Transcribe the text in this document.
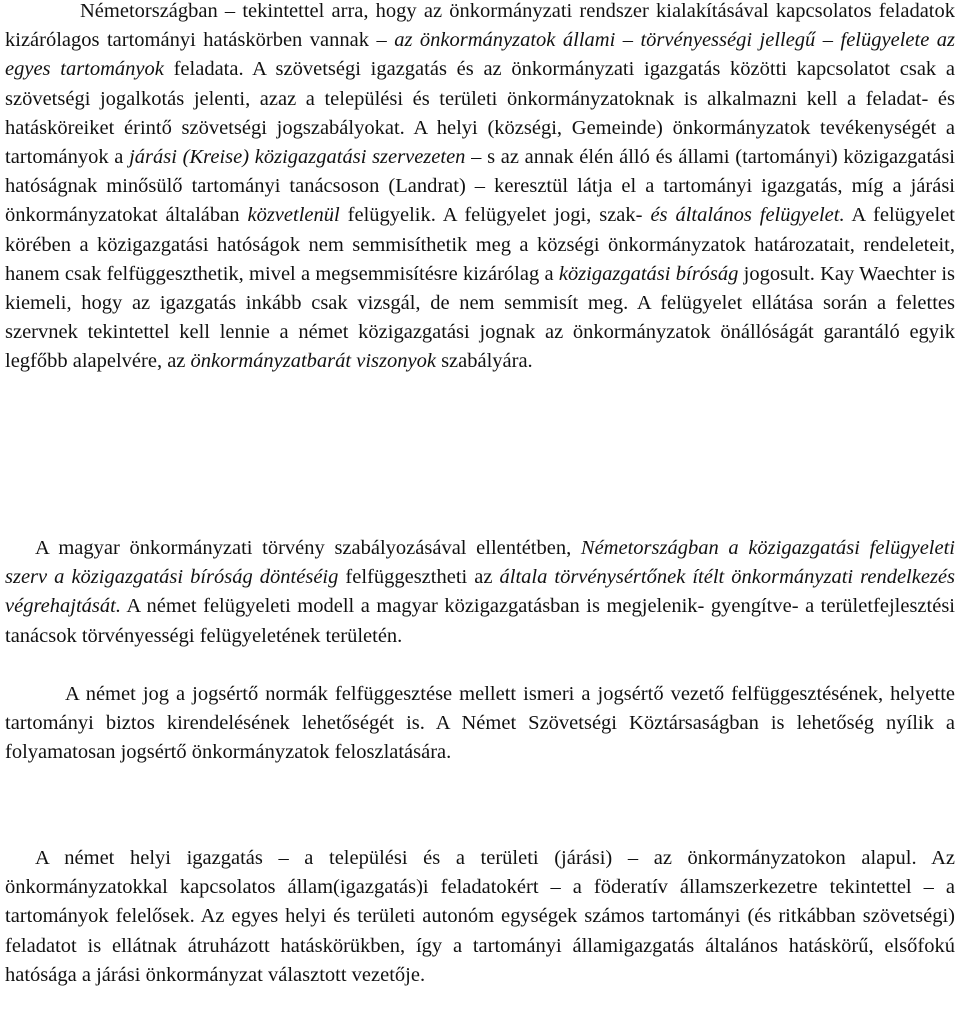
Németországban – tekintettel arra, hogy az önkormányzati rendszer kialakításával kapcsolatos feladatok kizárólagos tartományi hatáskörben vannak – az önkormányzatok állami – törvényességi jellegű – felügyelete az egyes tartományok feladata. A szövetségi igazgatás és az önkormányzati igazgatás közötti kapcsolatot csak a szövetségi jogalkotás jelenti, azaz a települési és területi önkormányzatoknak is alkalmazni kell a feladat- és hatásköreiket érintő szövetségi jogszabályokat. A helyi (községi, Gemeinde) önkormányzatok tevékenységét a tartományok a járási (Kreise) közigazgatási szervezeten – s az annak élén álló és állami (tartományi) közigazgatási hatóságnak minősülő tartományi tanácsoson (Landrat) – keresztül látja el a tartományi igazgatás, míg a járási önkormányzatokat általában közvetlenül felügyelik. A felügyelet jogi, szak- és általános felügyelet. A felügyelet körében a közigazgatási hatóságok nem semmisíthetik meg a községi önkormányzatok határozatait, rendeleteit, hanem csak felfüggeszthetik, mivel a megsemmisítésre kizárólag a közigazgatási bíróság jogosult. Kay Waechter is kiemeli, hogy az igazgatás inkább csak vizsgál, de nem semmisít meg. A felügyelet ellátása során a felettes szervnek tekintettel kell lennie a német közigazgatási jognak az önkormányzatok önállóságát garantáló egyik legfőbb alapelvére, az önkormányzatbarát viszonyok szabályára.

A magyar önkormányzati törvény szabályozásával ellentétben, Németországban a közigazgatási felügyeleti szerv a közigazgatási bíróság döntéséig felfüggesztheti az általa törvénysértőnek ítélt önkormányzati rendelkezés végrehajtását. A német felügyeleti modell a magyar közigazgatásban is megjelenik- gyengítve- a területfejlesztési tanácsok törvényességi felügyeletének területén.

A német jog a jogsértő normák felfüggesztése mellett ismeri a jogsértő vezető felfüggesztésének, helyette tartományi biztos kirendelésének lehetőségét is. A Német Szövetségi Köztársaságban is lehetőség nyílik a folyamatosan jogsértő önkormányzatok feloszlatására.

A német helyi igazgatás – a települési és a területi (járási) – az önkormányzatokon alapul. Az önkormányzatokkal kapcsolatos állam(igazgatás)i feladatokért – a föderatív államszerkezetre tekintettel – a tartományok felelősek. Az egyes helyi és területi autonóm egységek számos tartományi (és ritkábban szövetségi) feladatot is ellátnak átruházott hatáskörükben, így a tartományi államigazgatás általános hatáskörű, elsőfokú hatósága a járási önkormányzat választott vezetője.
